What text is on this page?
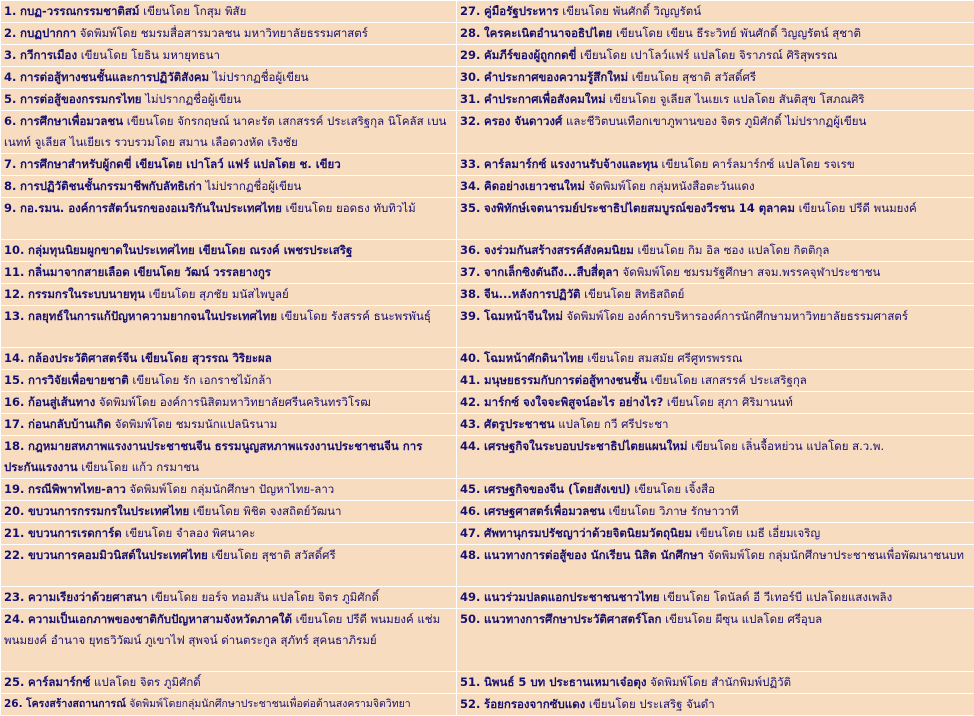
1. กบฏ-วรรณกรรมชาติสม์ เขียนโดย โกสุม พิสัย	27. คู่มือรัฐประหาร เขียนโดย พันศักดิ์ วิญญรัตน์
2. กบฏปากกา จัดพิมพ์โดย ชมรมสื่อสารมวลชน มหาวิทยาลัยธรรมศาสตร์	28. ใครคะเนิตอำนาจอธิปไตย เขียนโดย เขียน ธีระวิทย์ พันศักดิ์ วิญญรัตน์ สุชาติ
3. กวีการเมือง เขียนโดย โยธิน มหายุทธนา	29. คัมภีร์ของผู้ถูกกดขี่ เขียนโดย เปาโลว์แฟร์ แปลโดย จิราภรณ์ ศิริสุพรรณ
4. การต่อสู้ทางชนชั้นและการปฏิวัติสังคม ไม่ปรากฏชื่อผู้เขียน	30. คำประกาศของความรู้สึกใหม่ เขียนโดย สุชาติ สวัสดิ์ศรี
5. การต่อสู้ของกรรมกรไทย ไม่ปรากฏชื่อผู้เขียน	31. คำประกาศเพื่อสังคมใหม่ เขียนโดย จูเลียส ไนเยเร แปลโดย สันติสุข โสภณศิริ
6. การศึกษาเพื่อมวลชน เขียนโดย จักรกฤษณ์ นาคะรัต เสกสรรค์ ประเสริฐกุล นิโคลัส เบนเนทท์ จูเลียส ไนเยียเร รวบรวมโดย สมาน เลือดวงหัด เริงชัย	32. ครอง จันดาวงศ์ และชีวิตบนเทือกเขาภูพานของ จิตร ภูมิศักดิ์ ไม่ปรากฏผู้เขียน
7. การศึกษาสำหรับผู้กดขี่ เขียนโดย เปาโลว์ แฟร์ แปลโดย ช. เขียว	33. คาร์ลมาร์กซ์ แรงงานรับจ้างและทุน เขียนโดย คาร์ลมาร์กซ์ แปลโดย รจเรข
8. การปฏิวัติชนชั้นกรรมาชีพกับลัทธิเก่า ไม่ปรากฏชื่อผู้เขียน	34. คิดอย่างเยาวชนใหม่ จัดพิมพ์โดย กลุ่มหนังสือตะวันแดง
9. กอ.รมน. องค์การสัตว์นรกของอเมริกันในประเทศไทย เขียนโดย ยอดธง ทับทิวไม้	35. จงพิทักษ์เจตนารมย์ประชาธิปไตยสมบูรณ์ของวีรชน 14 ตุลาคม เขียนโดย ปรีดี พนมยงค์
10. กลุ่มทุนนิยมผูกขาดในประเทศไทย เขียนโดย ณรงค์ เพชรประเสริฐ	36. จงร่วมกันสร้างสรรค์สังคมนิยม เขียนโดย กิม อิล ซอง แปลโดย กิตติกุล
11. กลิ่นมาจากสายเลือด เขียนโดย วัฒน์ วรรลยางกูร	37. จากเล็กซิงตันถึง...สืบสี่ตุลา จัดพิมพ์โดย ชมรมรัฐศึกษา สจม.พรรคจุฬาประชาชน
12. กรรมกรในระบบนายทุน เขียนโดย สุภชัย มนัสไพบูลย์	38. จีน...หลังการปฏิวัติ เขียนโดย สิทธิสถิตย์
13. กลยุทธ์ในการแก้ปัญหาความยากจนในประเทศไทย เขียนโดย รังสรรค์ ธนะพรพันธุ์	39. โฉมหน้าจีนใหม่ จัดพิมพ์โดย องค์การบริหารองค์การนักศึกษามหาวิทยาลัยธรรมศาสตร์
14. กล้องประวัติศาสตร์จีน เขียนโดย สุวรรณ วิริยะผล	40. โฉมหน้าศักดินาไทย เขียนโดย สมสมัย ศรีศูทรพรรณ
15. การวิจัยเพื่อขายชาติ เขียนโดย รัก เอกราชไม้กล้า	41. มนุษยธรรมกับการต่อสู้ทางชนชั้น เขียนโดย เสกสรรค์ ประเสริฐกุล
16. ก้อนสู่เส้นทาง จัดพิมพ์โดย องค์การนิสิตมหาวิทยาลัยศรีนครินทรวิโรฒ	42. มาร์กซ์ จงใจจะพิสูจน์อะไร อย่างไร? เขียนโดย สุภา ศิริมานนท์
17. ก่อนกลับบ้านเกิด จัดพิมพ์โดย ชมรมนักแปลนิรนาม	43. ศัตรูประชาชน แปลโดย กวี ศรีประชา
18. กฎหมายสหภาพแรงงานประชาชนจีน ธรรมนูญสหภาพแรงงานประชาชนจีน การประกันแรงงาน เขียนโดย แก้ว กรมาชน	44. เศรษฐกิจในระบอบประชาธิปไตยแผนใหม่ เขียนโดย เลิ่นจื้อหย่วน แปลโดย ส.ว.พ.
19. กรณีพิพาทไทย-ลาว จัดพิมพ์โดย กลุ่มนักศึกษา ปัญหาไทย-ลาว	45. เศรษฐกิจของจีน (โดยสังเขป) เขียนโดย เจิ้งสือ
20. ขบวนการกรรมกรในประเทศไทย เขียนโดย พิชิต จงสถิตย์วัฒนา	46. เศรษฐศาสตร์เพื่อมวลชน เขียนโดย วิภาษ รักษาวาที
21. ขบวนการเรดการ์ด เขียนโดย จำลอง พิศนาคะ	47. ศัพทานุกรมปรัชญาว่าด้วยจิตนิยมวัตถุนิยม เขียนโดย เมธี เอี่ยมเจริญ
22. ขบวนการคอมมิวนิสต์ในประเทศไทย เขียนโดย สุชาติ สวัสดิ์ศรี	48. แนวทางการต่อสู้ของ นักเรียน นิสิต นักศึกษา จัดพิมพ์โดย กลุ่มนักศึกษาประชาชนเพื่อพัฒนาชนบท
23. ความเรียงว่าด้วยศาสนา เขียนโดย ยอร์จ ทอมสัน แปลโดย จิตร ภูมิศักดิ์	49. แนวร่วมปลดแอกประชาชนชาวไทย เขียนโดย โดนัลด์ อี วีเทอร์บี แปลโดยแสงเพลิง
24. ความเป็นเอกภาพของชาติกับปัญหาสามจังหวัดภาคใต้ เขียนโดย ปรีดี พนมยงค์ แช่ม พนมยงค์ อำนาจ ยุทธวิวัฒน์ ภูเขาไฟ สุพจน์ ด่านตระกูล สุภัทร์ สุคนธาภิรมย์	50. แนวทางการศึกษาประวัติศาสตร์โลก เขียนโดย ผีซุน แปลโดย ศรีอุบล
25. คาร์ลมาร์กซ์ แปลโดย จิตร ภูมิศักดิ์	51. นิพนธ์ 5 บท ประธานเหมาเจ๋อตุง จัดพิมพ์โดย สำนักพิมพ์ปฏิวัติ
26. โครงสร้างสถานการณ์ จัดพิมพ์โดยกลุ่มนักศึกษาประชาชนเพื่อต่อต้านสงครามจิตวิทยา	52. ร้อยกรองจากซับแดง เขียนโดย ประเสริฐ จันดำ
